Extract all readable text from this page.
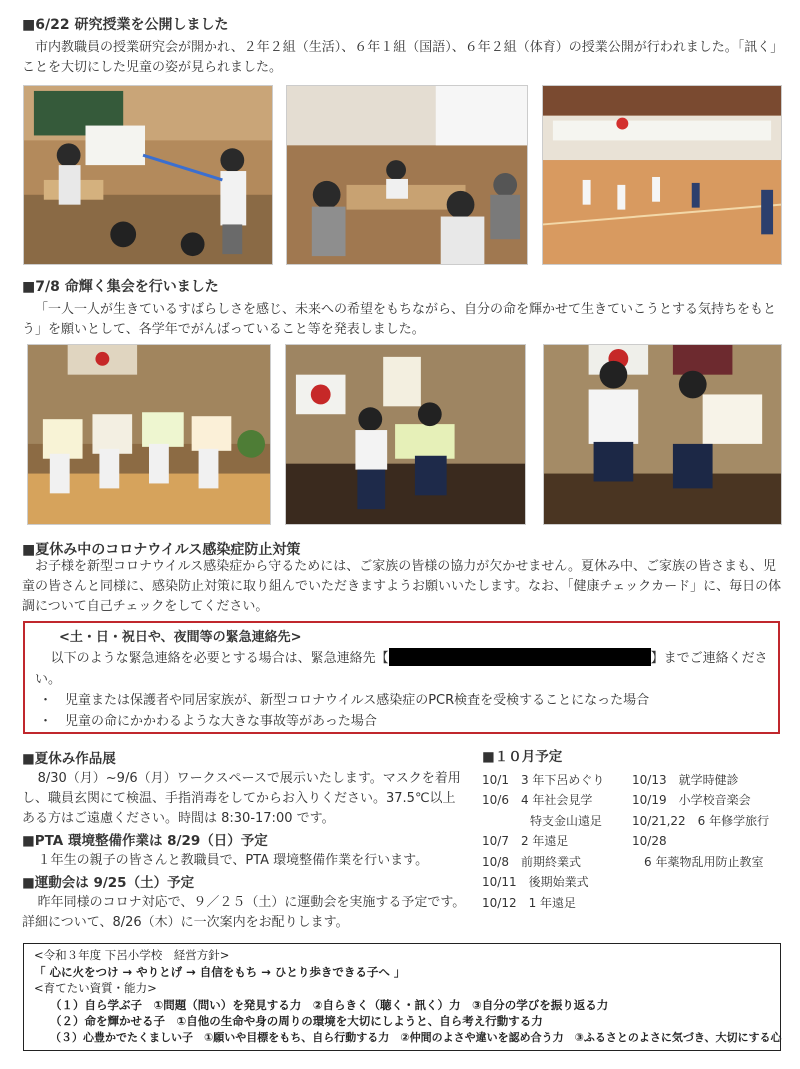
■6/22 研究授業を公開しました

市内教職員の授業研究会が開かれ、２年２組（生活）、６年１組（国語）、６年２組（体育）の授業公開が行われました。「訊く」ことを大切にした児童の姿が見られました。

■7/8 命輝く集会を行いました

「一人一人が生きているすばらしさを感じ、未来への希望をもちながら、自分の命を輝かせて生きていこうとする気持ちをもとう」を願いとして、各学年でがんばっていること等を発表しました。

■夏休み中のコロナウイルス感染症防止対策

お子様を新型コロナウイルス感染症から守るためには、ご家族の皆様の協力が欠かせません。夏休み中、ご家族の皆さまも、児童の皆さんと同様に、感染防止対策に取り組んでいただきますようお願いいたします。なお、「健康チェックカード」に、毎日の体調について自己チェックをしてください。

<土・日・祝日や、夜間等の緊急連絡先>
以下のような緊急連絡を必要とする場合は、緊急連絡先【	】までご連絡ください。
・　児童または保護者や同居家族が、新型コロナウイルス感染症のPCR検査を受検することになった場合
・　児童の命にかかわるような大きな事故等があった場合
■夏休み作品展
8/30（月）~9/6（月）ワークスペースで展示いたします。マスクを着用し、職員玄関にて検温、手指消毒をしてからお入りください。37.5℃以上ある方はご遠慮ください。時間は 8:30-17:00 です。
■PTA 環境整備作業は 8/29（日）予定
１年生の親子の皆さんと教職員で、PTA 環境整備作業を行います。
■運動会は 9/25（土）予定
昨年同様のコロナ対応で、９／２５（土）に運動会を実施する予定です。詳細について、8/26（木）に一次案内をお配りします。
■１０月予定
10/1　3 年下呂めぐり
10/6　4 年社会見学
　　　　特支金山遠足
10/7　2 年遠足
10/8　前期終業式
10/11　後期始業式
10/12　1 年遠足
10/13　就学時健診
10/19　小学校音楽会
10/21,22　6 年修学旅行
10/28
　6 年薬物乱用防止教室
<令和３年度 下呂小学校　経営方針>
「 心に火をつけ → やりとげ → 自信をもち → ひとり歩きできる子へ 」
<育てたい資質・能力>
（１）自ら学ぶ子　①問題（問い）を発見する力　②自らきく（聴く・訊く）力　③自分の学びを振り返る力
（２）命を輝かせる子　①自他の生命や身の周りの環境を大切にしようと、自ら考え行動する力
（３）心豊かでたくましい子　①願いや目標をもち、自ら行動する力　②仲間のよさや違いを認め合う力　③ふるさとのよさに気づき、大切にする心
